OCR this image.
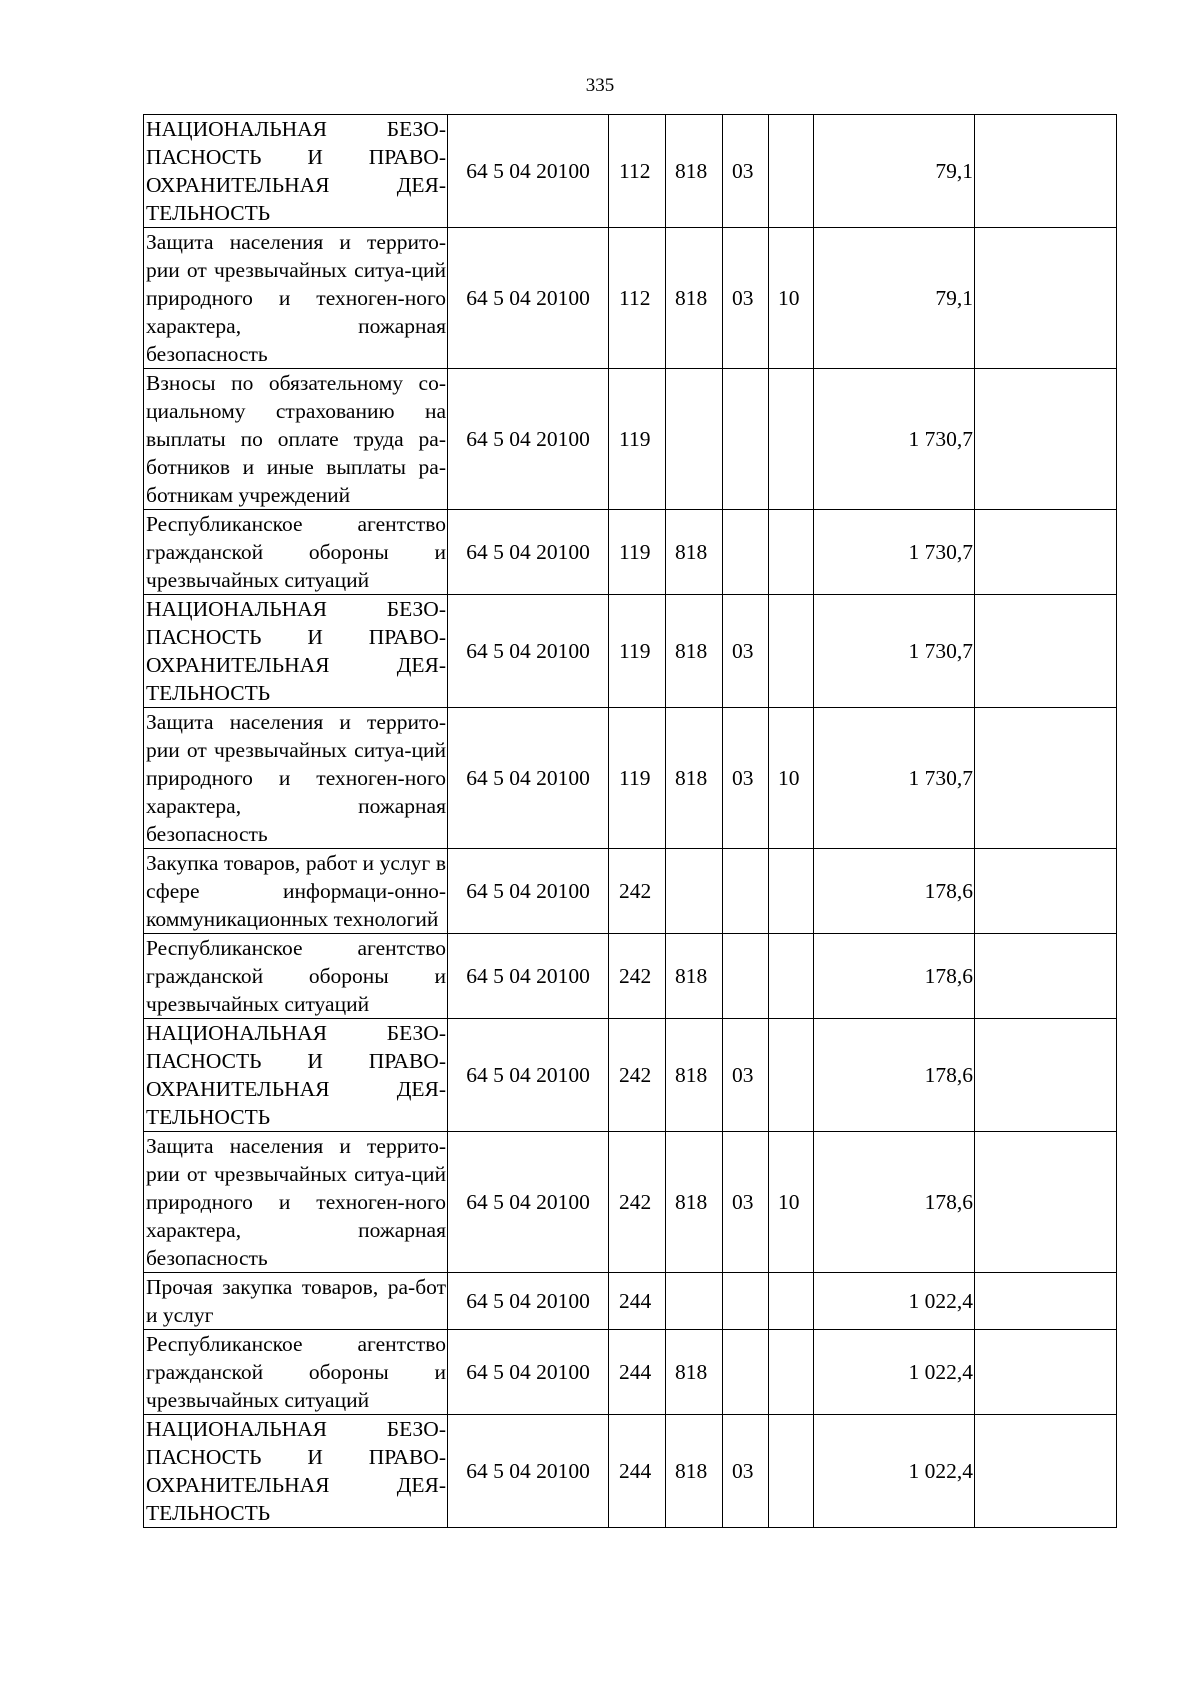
335
НАЦИОНАЛЬНАЯ БЕЗО-ПАСНОСТЬ И ПРАВО-ОХРАНИТЕЛЬНАЯ ДЕЯ-ТЕЛЬНОСТЬ	64 5 04 20100	112	818	03		79,1	
Защита населения и террито-рии от чрезвычайных ситуа-ций природного и техноген-ного характера, пожарная безопасность	64 5 04 20100	112	818	03	10	79,1	
Взносы по обязательному со-циальному страхованию на выплаты по оплате труда ра-ботников и иные выплаты ра-ботникам учреждений	64 5 04 20100	119				1 730,7	
Республиканское агентство гражданской обороны и чрезвычайных ситуаций	64 5 04 20100	119	818			1 730,7	
НАЦИОНАЛЬНАЯ БЕЗО-ПАСНОСТЬ И ПРАВО-ОХРАНИТЕЛЬНАЯ ДЕЯ-ТЕЛЬНОСТЬ	64 5 04 20100	119	818	03		1 730,7	
Защита населения и террито-рии от чрезвычайных ситуа-ций природного и техноген-ного характера, пожарная безопасность	64 5 04 20100	119	818	03	10	1 730,7	
Закупка товаров, работ и услуг в сфере информаци-онно-коммуникационных технологий	64 5 04 20100	242				178,6	
Республиканское агентство гражданской обороны и чрезвычайных ситуаций	64 5 04 20100	242	818			178,6	
НАЦИОНАЛЬНАЯ БЕЗО-ПАСНОСТЬ И ПРАВО-ОХРАНИТЕЛЬНАЯ ДЕЯ-ТЕЛЬНОСТЬ	64 5 04 20100	242	818	03		178,6	
Защита населения и террито-рии от чрезвычайных ситуа-ций природного и техноген-ного характера, пожарная безопасность	64 5 04 20100	242	818	03	10	178,6	
Прочая закупка товаров, ра-бот и услуг	64 5 04 20100	244				1 022,4	
Республиканское агентство гражданской обороны и чрезвычайных ситуаций	64 5 04 20100	244	818			1 022,4	
НАЦИОНАЛЬНАЯ БЕЗО-ПАСНОСТЬ И ПРАВО-ОХРАНИТЕЛЬНАЯ ДЕЯ-ТЕЛЬНОСТЬ	64 5 04 20100	244	818	03		1 022,4	
